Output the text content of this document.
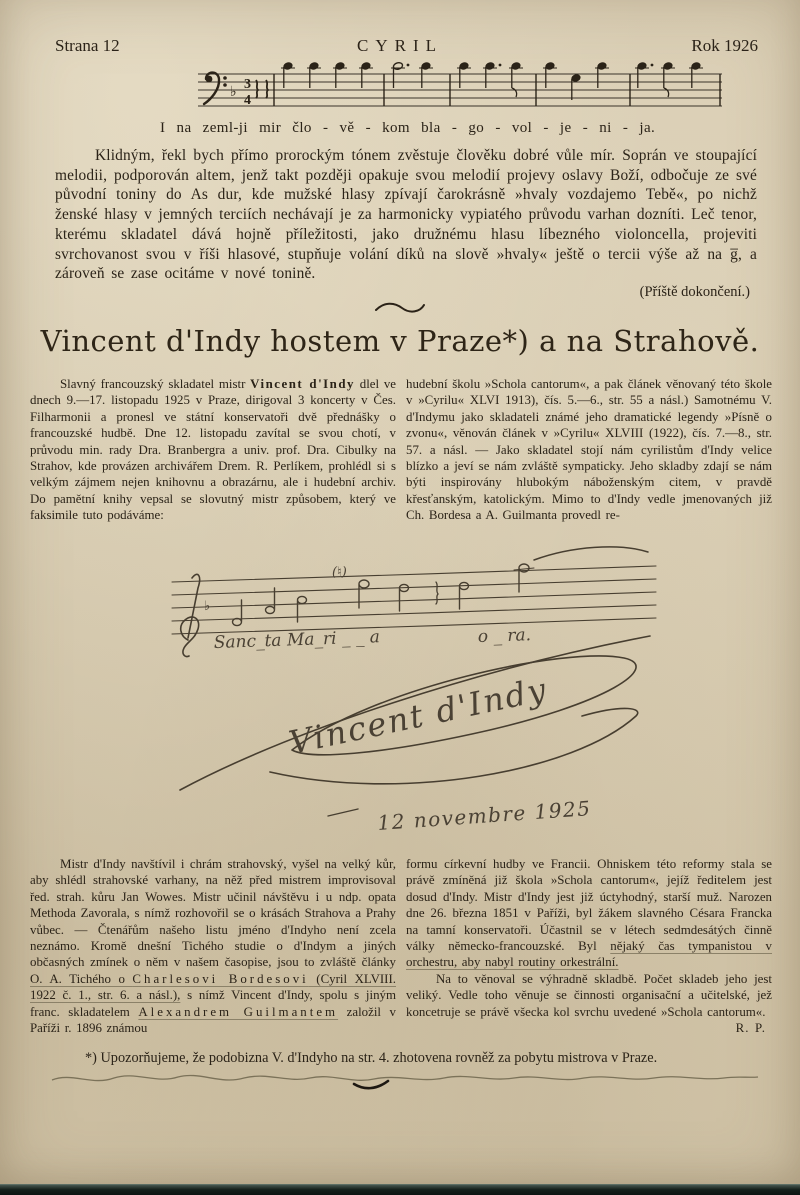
Strana 12	CYRIL	Rok 1926
♭
3
4
I na zeml-ji mir člo - vě - kom bla - go - vol - je - ni - ja.

Klidným, řekl bych přímo prorockým tónem zvěstuje člověku dobré vůle mír. Soprán ve stoupající melodii, podporován altem, jenž takt později opakuje svou melodií projevy oslavy Boží, odbočuje ze své původní toniny do As dur, kde mužské hlasy zpívají čarokrásně »hvaly vozdajemo Tebě«, po nichž ženské hlasy v jemných terciích nechávají je za harmonicky vypiatého průvodu varhan dozníti. Leč tenor, kterému skladatel dává hojně příležitosti, jako družnému hlasu líbezného violoncella, projeviti svrchovanost svou v říši hlasové, stupňuje volání díků na slově »hvaly« ještě o tercii výše až na g̅, a zároveň se zase ocitáme v nové tonině.

(Příště dokončení.)
Vincent d'Indy hostem v Praze*) a na Strahově.

Slavný francouzský skladatel mistr Vincent d'Indy dlel ve dnech 9.—17. listopadu 1925 v Praze, dirigoval 3 koncerty v Čes. Filharmonii a pronesl ve státní konservatoři dvě přednášky o francouzské hudbě. Dne 12. listopadu zavítal se svou chotí, v průvodu min. rady Dra. Branbergra a univ. prof. Dra. Cibulky na Strahov, kde provázen archivářem Drem. R. Perlíkem, prohlédl si s velkým zájmem nejen knihovnu a obrazárnu, ale i hudební archiv. Do pamětní knihy vepsal se slovutný mistr způsobem, který ve faksimile tuto podáváme:

hudební školu »Schola cantorum«, a pak článek věnovaný této škole v »Cyrilu« XLVI 1913), čís. 5.—6., str. 55 a násl.) Samotnému V. d'Indymu jako skladateli známé jeho dramatické legendy »Písně o zvonu«, věnován článek v »Cyrilu« XLVIII (1922), čís. 7.—8., str. 57. a násl. — Jako skladatel stojí nám cyrilistům d'Indy velice blízko a jeví se nám zvláště sympaticky. Jeho skladby zdají se nám býti inspirovány hlubokým náboženským citem, v pravdě křesťanským, katolickým. Mimo to d'Indy vedle jmenovaných již Ch. Bordesa a A. Guilmanta provedl re-

♭
(♮)
Sanc_ta Ma_ri _ _ a	o _ ra.
Vincent d'Indy
12 novembre 1925

Mistr d'Indy navštívil i chrám strahovský, vyšel na velký kůr, aby shlédl strahovské varhany, na něž před mistrem improvisoval řed. strah. kůru Jan Wowes. Mistr učinil návštěvu i u ndp. opata Methoda Zavorala, s nímž rozhovořil se o krásách Strahova a Prahy vůbec. — Čtenářům našeho listu jméno d'Indyho není zcela neznámo. Kromě dnešní Tichého studie o d'Indym a jiných občasných zmínek o něm v našem časopise, jsou to zvláště články O. A. Tichého o Charlesovi Bordesovi (Cyril XLVIII. 1922 č. 1., str. 6. a násl.), s nímž Vincent d'Indy, spolu s jiným franc. skladatelem Alexandrem Guilmantem založil v Paříži r. 1896 známou

formu církevní hudby ve Francii. Ohniskem této reformy stala se právě zmíněná již škola »Schola cantorum«, jejíž ředitelem jest dosud d'Indy. Mistr d'Indy jest již úctyhodný, starší muž. Narozen dne 26. března 1851 v Paříži, byl žákem slavného Césara Francka na tamní konservatoři. Účastnil se v létech sedmdesátých činně války německo-francouzské. Byl nějaký čas tympanistou v orchestru, aby nabyl routiny orkestrální.

Na to věnoval se výhradně skladbě. Počet skladeb jeho jest veliký. Vedle toho věnuje se činnosti organisační a učitelské, jež koncetruje se právě všecka kol svrchu uvedené »Schola cantorum«.
R. P.

*) Upozorňujeme, že podobizna V. d'Indyho na str. 4. zhotovena rovněž za pobytu mistrova v Praze.
